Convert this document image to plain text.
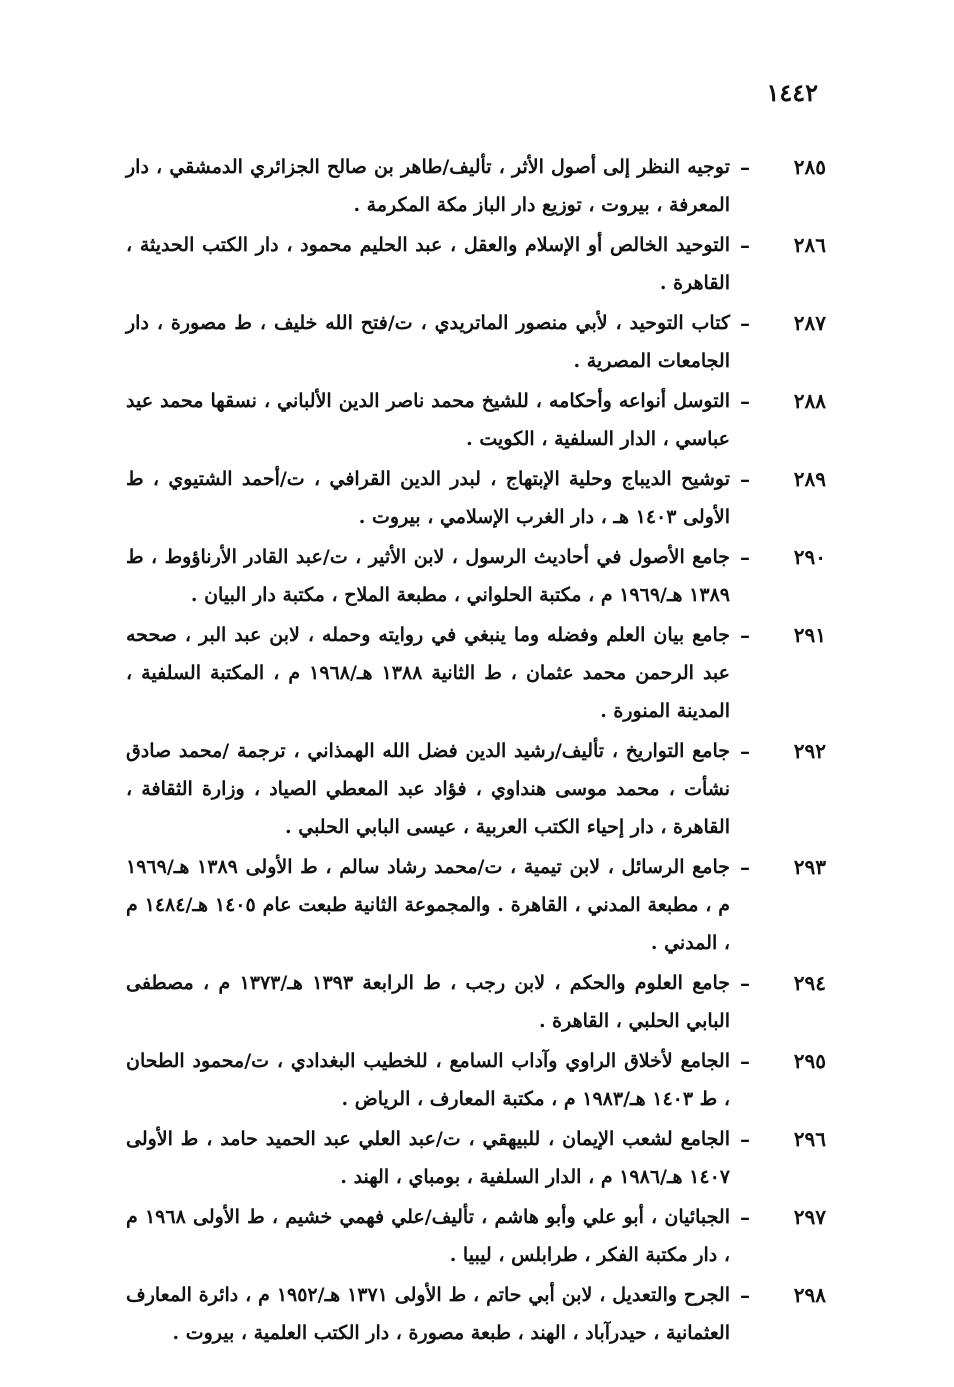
١٤٤٢
٢٨٥
–
توجيه النظر إلى أصول الأثر ، تأليف/طاهر بن صالح الجزائري الدمشقي ، دار المعرفة ، بيروت ، توزيع دار الباز مكة المكرمة .
٢٨٦
–
التوحيد الخالص أو الإسلام والعقل ، عبد الحليم محمود ، دار الكتب الحديثة ، القاهرة .
٢٨٧
–
كتاب التوحيد ، لأبي منصور الماتريدي ، ت/فتح الله خليف ، ط مصورة ، دار الجامعات المصرية .
٢٨٨
–
التوسل أنواعه وأحكامه ، للشيخ محمد ناصر الدين الألباني ، نسقها محمد عيد عباسي ، الدار السلفية ، الكويت .
٢٨٩
–
توشيح الديباج وحلية الإبتهاج ، لبدر الدين القرافي ، ت/أحمد الشتيوي ، ط الأولى ١٤٠٣ هـ ، دار الغرب الإسلامي ، بيروت .
٢٩٠
–
جامع الأصول في أحاديث الرسول ، لابن الأثير ، ت/عبد القادر الأرناؤوط ، ط ١٣٨٩ هـ/١٩٦٩ م ، مكتبة الحلواني ، مطبعة الملاح ، مكتبة دار البيان .
٢٩١
–
جامع بيان العلم وفضله وما ينبغي في روايته وحمله ، لابن عبد البر ، صححه عبد الرحمن محمد عثمان ، ط الثانية ١٣٨٨ هـ/١٩٦٨ م ، المكتبة السلفية ، المدينة المنورة .
٢٩٢
–
جامع التواريخ ، تأليف/رشيد الدين فضل الله الهمذاني ، ترجمة /محمد صادق نشأت ، محمد موسى هنداوي ، فؤاد عبد المعطي الصياد ، وزارة الثقافة ، القاهرة ، دار إحياء الكتب العربية ، عيسى البابي الحلبي .
٢٩٣
–
جامع الرسائل ، لابن تيمية ، ت/محمد رشاد سالم ، ط الأولى ١٣٨٩ هـ/١٩٦٩ م ، مطبعة المدني ، القاهرة . والمجموعة الثانية طبعت عام ١٤٠٥ هـ/١٤٨٤ م ، المدني .
٢٩٤
–
جامع العلوم والحكم ، لابن رجب ، ط الرابعة ١٣٩٣ هـ/١٣٧٣ م ، مصطفى البابي الحلبي ، القاهرة .
٢٩٥
–
الجامع لأخلاق الراوي وآداب السامع ، للخطيب البغدادي ، ت/محمود الطحان ، ط ١٤٠٣ هـ/١٩٨٣ م ، مكتبة المعارف ، الرياض .
٢٩٦
–
الجامع لشعب الإيمان ، للبيهقي ، ت/عبد العلي عبد الحميد حامد ، ط الأولى ١٤٠٧ هـ/١٩٨٦ م ، الدار السلفية ، بومباي ، الهند .
٢٩٧
–
الجبائيان ، أبو علي وأبو هاشم ، تأليف/علي فهمي خشيم ، ط الأولى ١٩٦٨ م ، دار مكتبة الفكر ، طرابلس ، ليبيا .
٢٩٨
–
الجرح والتعديل ، لابن أبي حاتم ، ط الأولى ١٣٧١ هـ/١٩٥٢ م ، دائرة المعارف العثمانية ، حيدرآباد ، الهند ، طبعة مصورة ، دار الكتب العلمية ، بيروت .
